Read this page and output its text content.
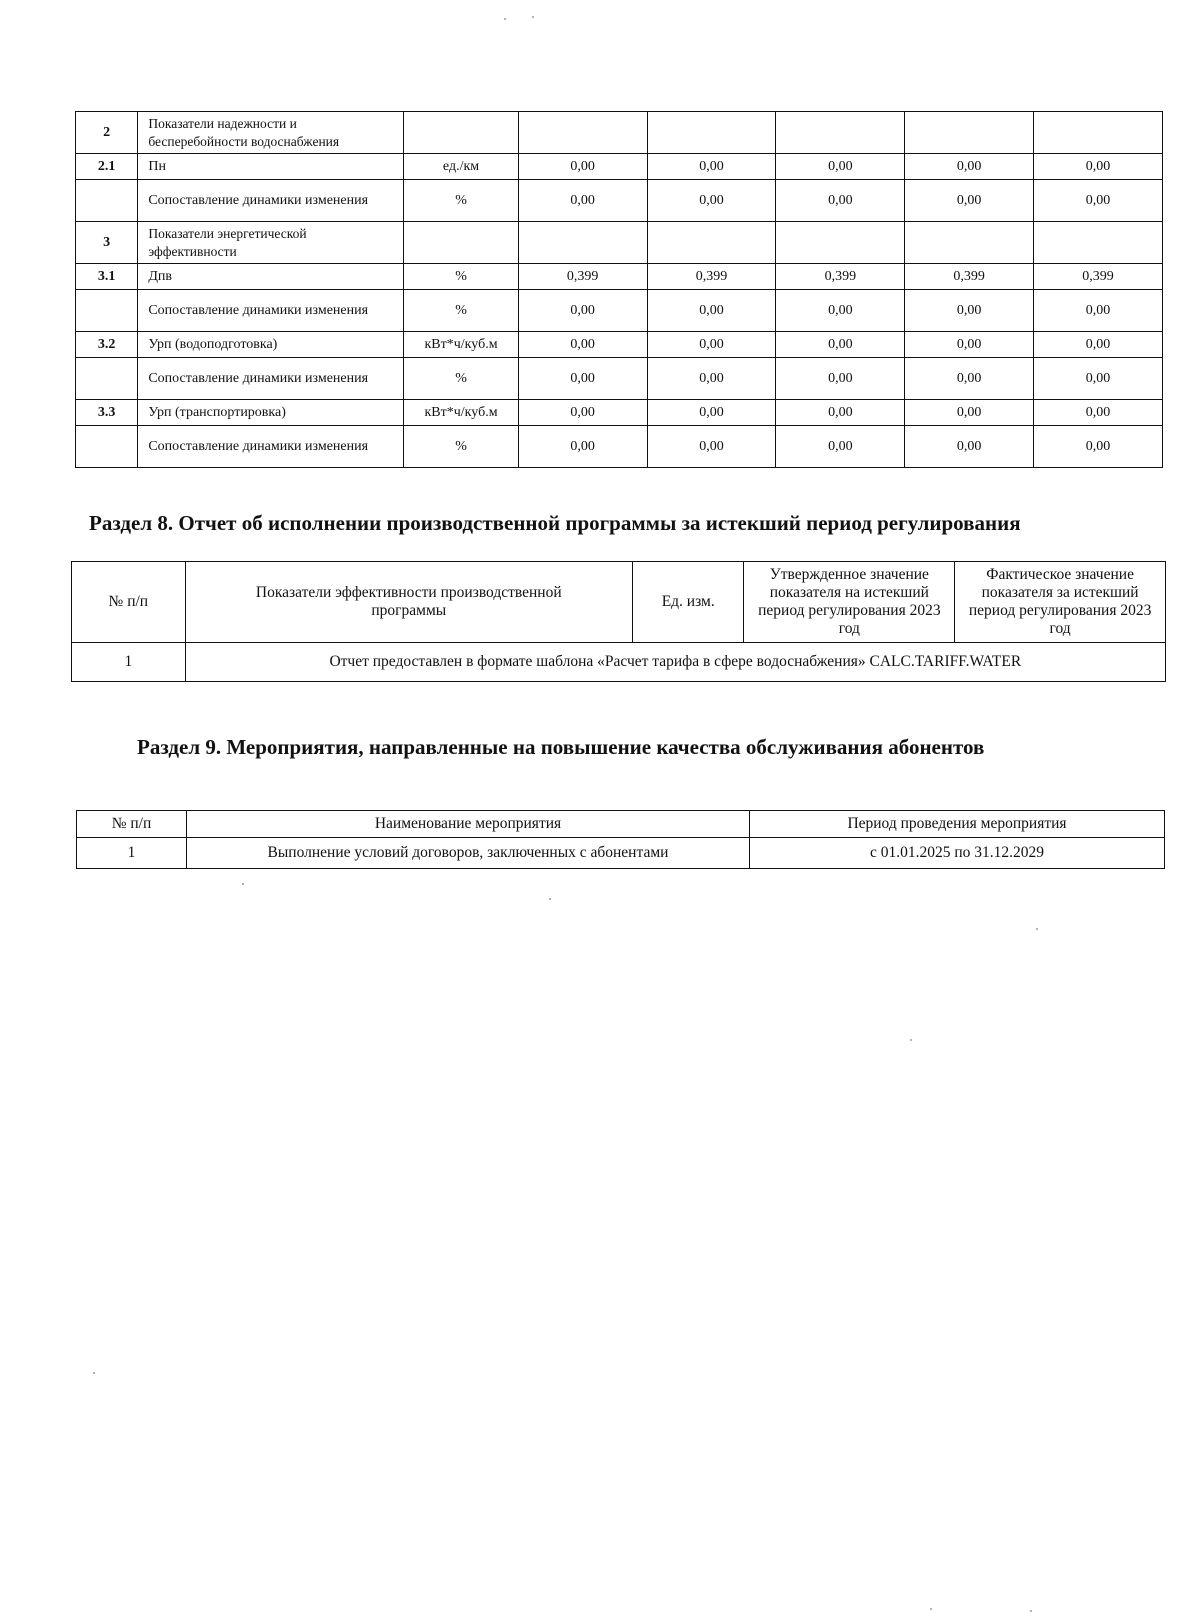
2	Показатели надежности и бесперебойности водоснабжения						
2.1	Пн	ед./км	0,00	0,00	0,00	0,00	0,00
	Сопоставление динамики изменения	%	0,00	0,00	0,00	0,00	0,00
3	Показатели энергетической эффективности						
3.1	Дпв	%	0,399	0,399	0,399	0,399	0,399
	Сопоставление динамики изменения	%	0,00	0,00	0,00	0,00	0,00
3.2	Урп (водоподготовка)	кВт*ч/куб.м	0,00	0,00	0,00	0,00	0,00
	Сопоставление динамики изменения	%	0,00	0,00	0,00	0,00	0,00
3.3	Урп (транспортировка)	кВт*ч/куб.м	0,00	0,00	0,00	0,00	0,00
	Сопоставление динамики изменения	%	0,00	0,00	0,00	0,00	0,00
Раздел 8. Отчет об исполнении производственной программы за истекший период регулирования
№ п/п	Показатели эффективности производственной программы	Ед. изм.	Утвержденное значение показателя на истекший период регулирования 2023 год	Фактическое значение показателя за истекший период регулирования 2023 год
1	Отчет предоставлен в формате шаблона «Расчет тарифа в сфере водоснабжения» CALC.TARIFF.WATER			
Раздел 9. Мероприятия, направленные на повышение качества обслуживания абонентов
№ п/п	Наименование мероприятия	Период проведения мероприятия
1	Выполнение условий договоров, заключенных с абонентами	с 01.01.2025 по 31.12.2029
